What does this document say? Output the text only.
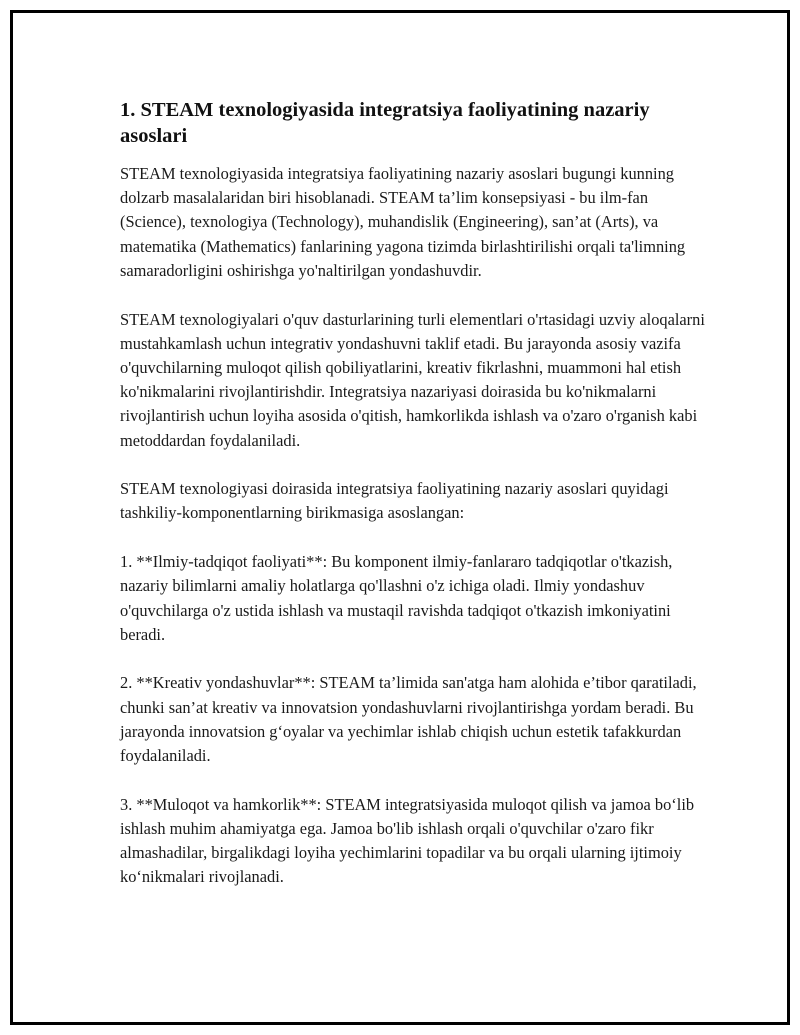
1. STEAM texnologiyasida integratsiya faoliyatining nazariy asoslari

STEAM texnologiyasida integratsiya faoliyatining nazariy asoslari bugungi kunning dolzarb masalalaridan biri hisoblanadi. STEAM ta’lim konsepsiyasi - bu ilm-fan (Science), texnologiya (Technology), muhandislik (Engineering), san’at (Arts), va matematika (Mathematics) fanlarining yagona tizimda birlashtirilishi orqali ta'limning samaradorligini oshirishga yo'naltirilgan yondashuvdir.

STEAM texnologiyalari o'quv dasturlarining turli elementlari o'rtasidagi uzviy aloqalarni mustahkamlash uchun integrativ yondashuvni taklif etadi. Bu jarayonda asosiy vazifa o'quvchilarning muloqot qilish qobiliyatlarini, kreativ fikrlashni, muammoni hal etish ko'nikmalarini rivojlantirishdir. Integratsiya nazariyasi doirasida bu ko'nikmalarni rivojlantirish uchun loyiha asosida o'qitish, hamkorlikda ishlash va o'zaro o'rganish kabi metoddardan foydalaniladi.

STEAM texnologiyasi doirasida integratsiya faoliyatining nazariy asoslari quyidagi tashkiliy-komponentlarning birikmasiga asoslangan:

1. **Ilmiy-tadqiqot faoliyati**: Bu komponent ilmiy-fanlararo tadqiqotlar o'tkazish, nazariy bilimlarni amaliy holatlarga qo'llashni o'z ichiga oladi. Ilmiy yondashuv o'quvchilarga o'z ustida ishlash va mustaqil ravishda tadqiqot o'tkazish imkoniyatini beradi.

2. **Kreativ yondashuvlar**: STEAM ta’limida san'atga ham alohida e’tibor qaratiladi, chunki san’at kreativ va innovatsion yondashuvlarni rivojlantirishga yordam beradi. Bu jarayonda innovatsion g‘oyalar va yechimlar ishlab chiqish uchun estetik tafakkurdan foydalaniladi.

3. **Muloqot va hamkorlik**: STEAM integratsiyasida muloqot qilish va jamoa bo‘lib ishlash muhim ahamiyatga ega. Jamoa bo'lib ishlash orqali o'quvchilar o'zaro fikr almashadilar, birgalikdagi loyiha yechimlarini topadilar va bu orqali ularning ijtimoiy ko‘nikmalari rivojlanadi.
